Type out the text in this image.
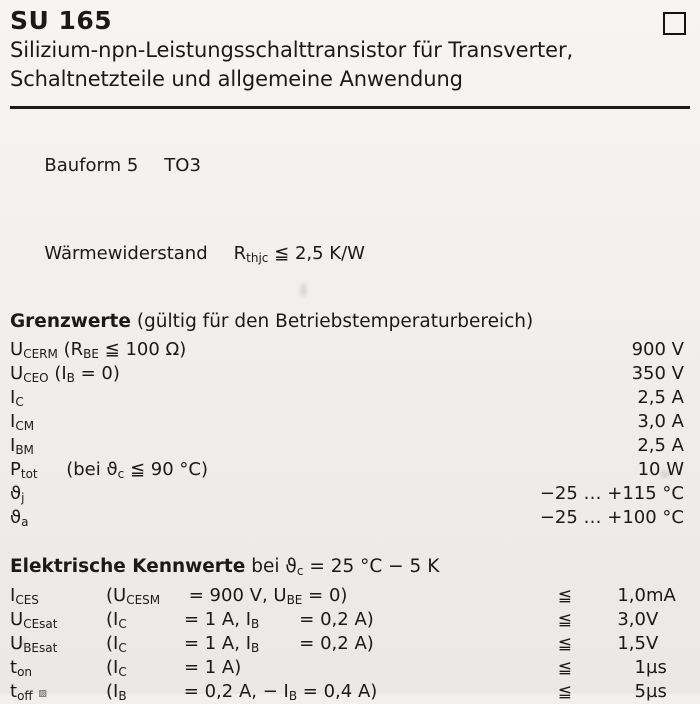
SU 165
Silizium-npn-Leistungsschalttransistor für Transverter,
Schaltnetzteile und allgemeine Anwendung

Bauform 5 TO3

Wärmewiderstand $R_{thjc}$ ≦ 2,5 K/W

Grenzwerte (gültig für den Betriebstemperaturbereich)
$U_{CERM}$ ($R_{BE}$ ≦ 100 Ω)	900 V
$U_{CEO}$ $(I_B = 0)$	350 V
$I_C$	2,5 A
$I_{CM}$	3,0 A
$I_{BM}$	2,5 A
$P_{tot}$ (bei $ϑ_c$ ≦ 90 °C)	10 W
$ϑ_j$	−25 … +115 °C
$ϑ_a$	−25 … +100 °C
Elektrische Kennwerte bei $ϑ_c = 25$ °C − 5 K
$I_{CES}$	($U_{CESM} = 900$ V, $U_{BE} = 0$)	≦	1,0	mA
$U_{CEsat}$	($I_C = 1$ A, $I_B = 0,2$ A)	≦	3,0	V
$U_{BEsat}$	($I_C = 1$ A, $I_B = 0,2$ A)	≦	1,5	V
$t_{on}$	($I_C = 1$ A)	≦	1	µs
$t_{off}$ ▨	($I_B = 0,2$ A, − $I_B = 0,4$ A)	≦	5	µs
